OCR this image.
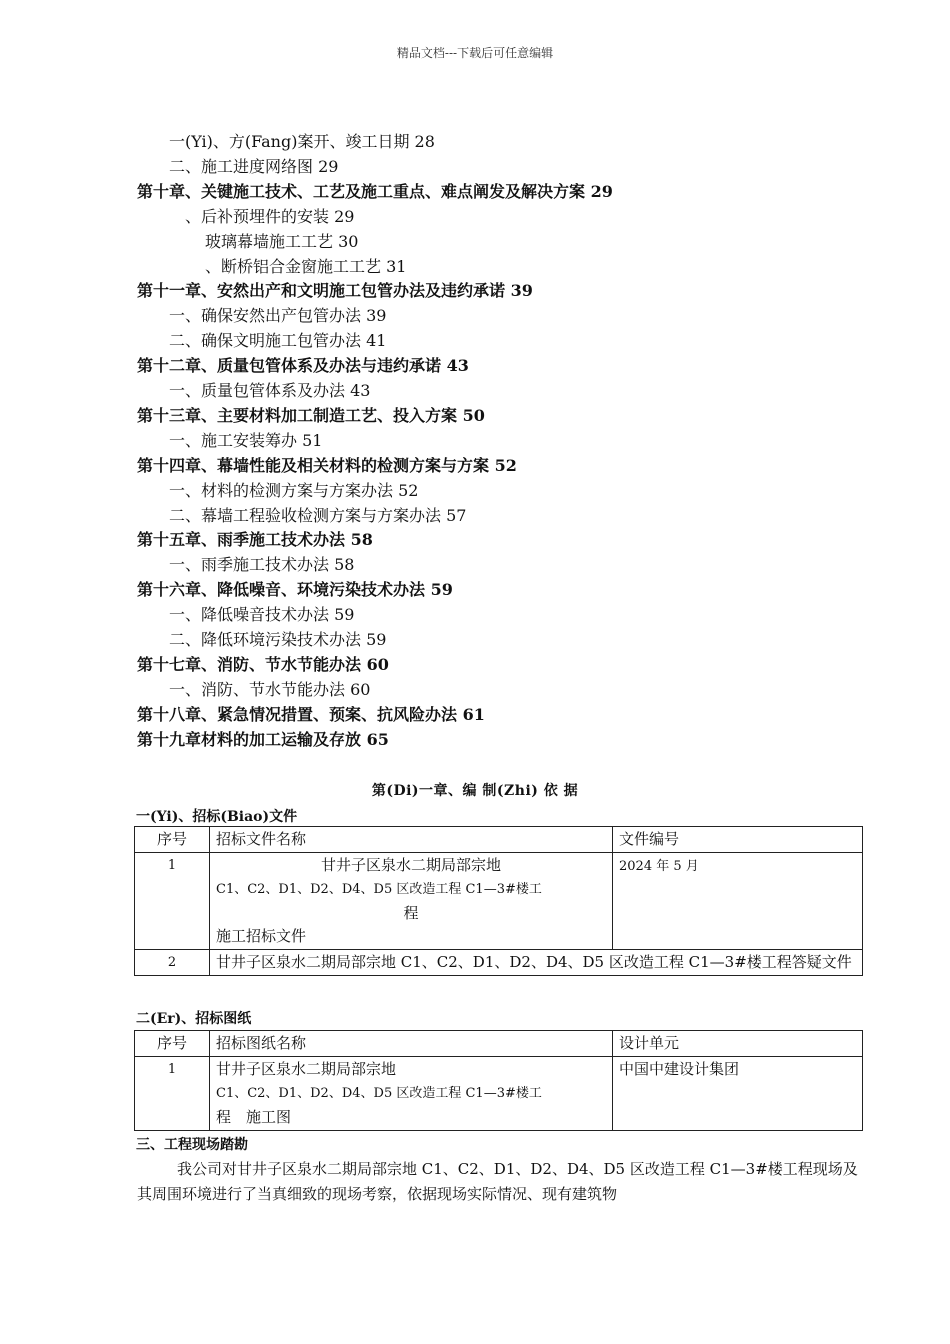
精品文档---下载后可任意编辑
一(Yi)、方(Fang)案开、竣工日期 28
二、施工进度网络图 29
第十章、关键施工技术、工艺及施工重点、难点阐发及解决方案 29
、后补预埋件的安装 29
玻璃幕墙施工工艺 30
、断桥铝合金窗施工工艺 31
第十一章、安然出产和文明施工包管办法及违约承诺 39
一、确保安然出产包管办法 39
二、确保文明施工包管办法 41
第十二章、质量包管体系及办法与违约承诺 43
一、质量包管体系及办法 43
第十三章、主要材料加工制造工艺、投入方案 50
一、施工安装筹办 51
第十四章、幕墙性能及相关材料的检测方案与方案 52
一、材料的检测方案与方案办法 52
二、幕墙工程验收检测方案与方案办法 57
第十五章、雨季施工技术办法 58
一、雨季施工技术办法 58
第十六章、降低噪音、环境污染技术办法 59
一、降低噪音技术办法 59
二、降低环境污染技术办法 59
第十七章、消防、节水节能办法 60
一、消防、节水节能办法 60
第十八章、紧急情况措置、预案、抗风险办法 61
第十九章材料的加工运输及存放 65
第(Di)一章、编 制(Zhi) 依 据
一(Yi)、招标(Biao)文件
序号	招标文件名称	文件编号
1	甘井子区泉水二期局部宗地
C1、C2、D1、D2、D4、D5 区改造工程 C1—3#楼工
程
施工招标文件	2024 年 5 月
2	甘井子区泉水二期局部宗地 C1、C2、D1、D2、D4、D5 区改造工程 C1—3#楼工程答疑文件	
二(Er)、招标图纸
序号	招标图纸名称	设计单元
1	甘井子区泉水二期局部宗地
C1、C2、D1、D2、D4、D5 区改造工程 C1—3#楼工
程　施工图	中国中建设计集团
三、工程现场踏勘
我公司对甘井子区泉水二期局部宗地 C1、C2、D1、D2、D4、D5 区改造工程 C1—3#楼工程现场及其周围环境进行了当真细致的现场考察，依据现场实际情况、现有建筑物
